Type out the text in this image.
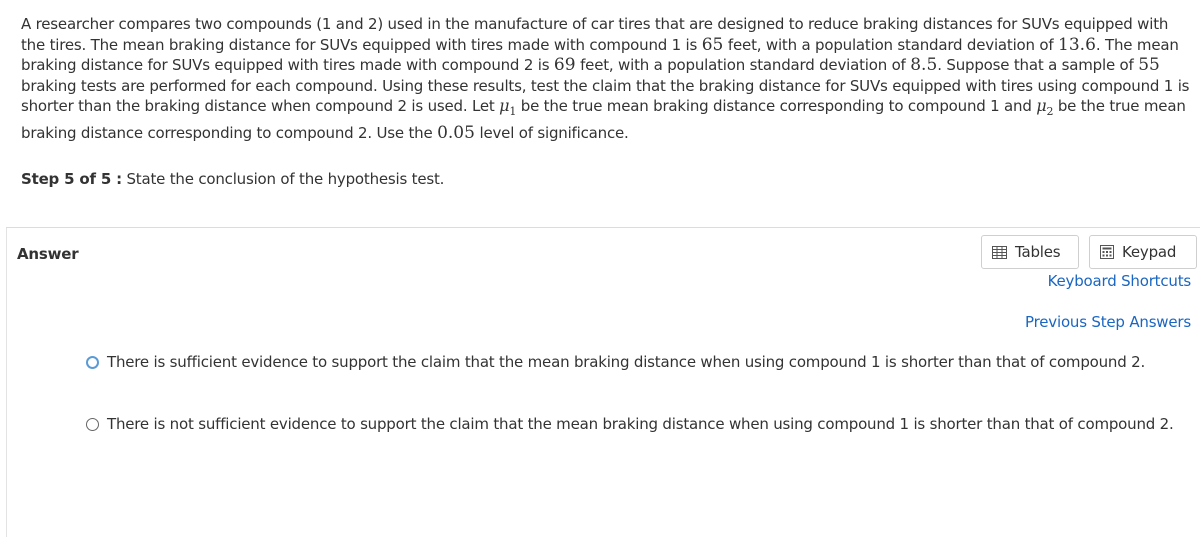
A researcher compares two compounds (1 and 2) used in the manufacture of car tires that are designed to reduce braking distances for SUVs equipped with the tires. The mean braking distance for SUVs equipped with tires made with compound 1 is 65 feet, with a population standard deviation of 13.6. The mean braking distance for SUVs equipped with tires made with compound 2 is 69 feet, with a population standard deviation of 8.5. Suppose that a sample of 55 braking tests are performed for each compound. Using these results, test the claim that the braking distance for SUVs equipped with tires using compound 1 is shorter than the braking distance when compound 2 is used. Let $\mu_1$ be the true mean braking distance corresponding to compound 1 and $\mu_2$ be the true mean braking distance corresponding to compound 2. Use the 0.05 level of significance.
Step 5 of 5 : State the conclusion of the hypothesis test.
Answer	Tables	Keypad
Keyboard Shortcuts
Previous Step Answers
There is sufficient evidence to support the claim that the mean braking distance when using compound 1 is shorter than that of compound 2.
There is not sufficient evidence to support the claim that the mean braking distance when using compound 1 is shorter than that of compound 2.
